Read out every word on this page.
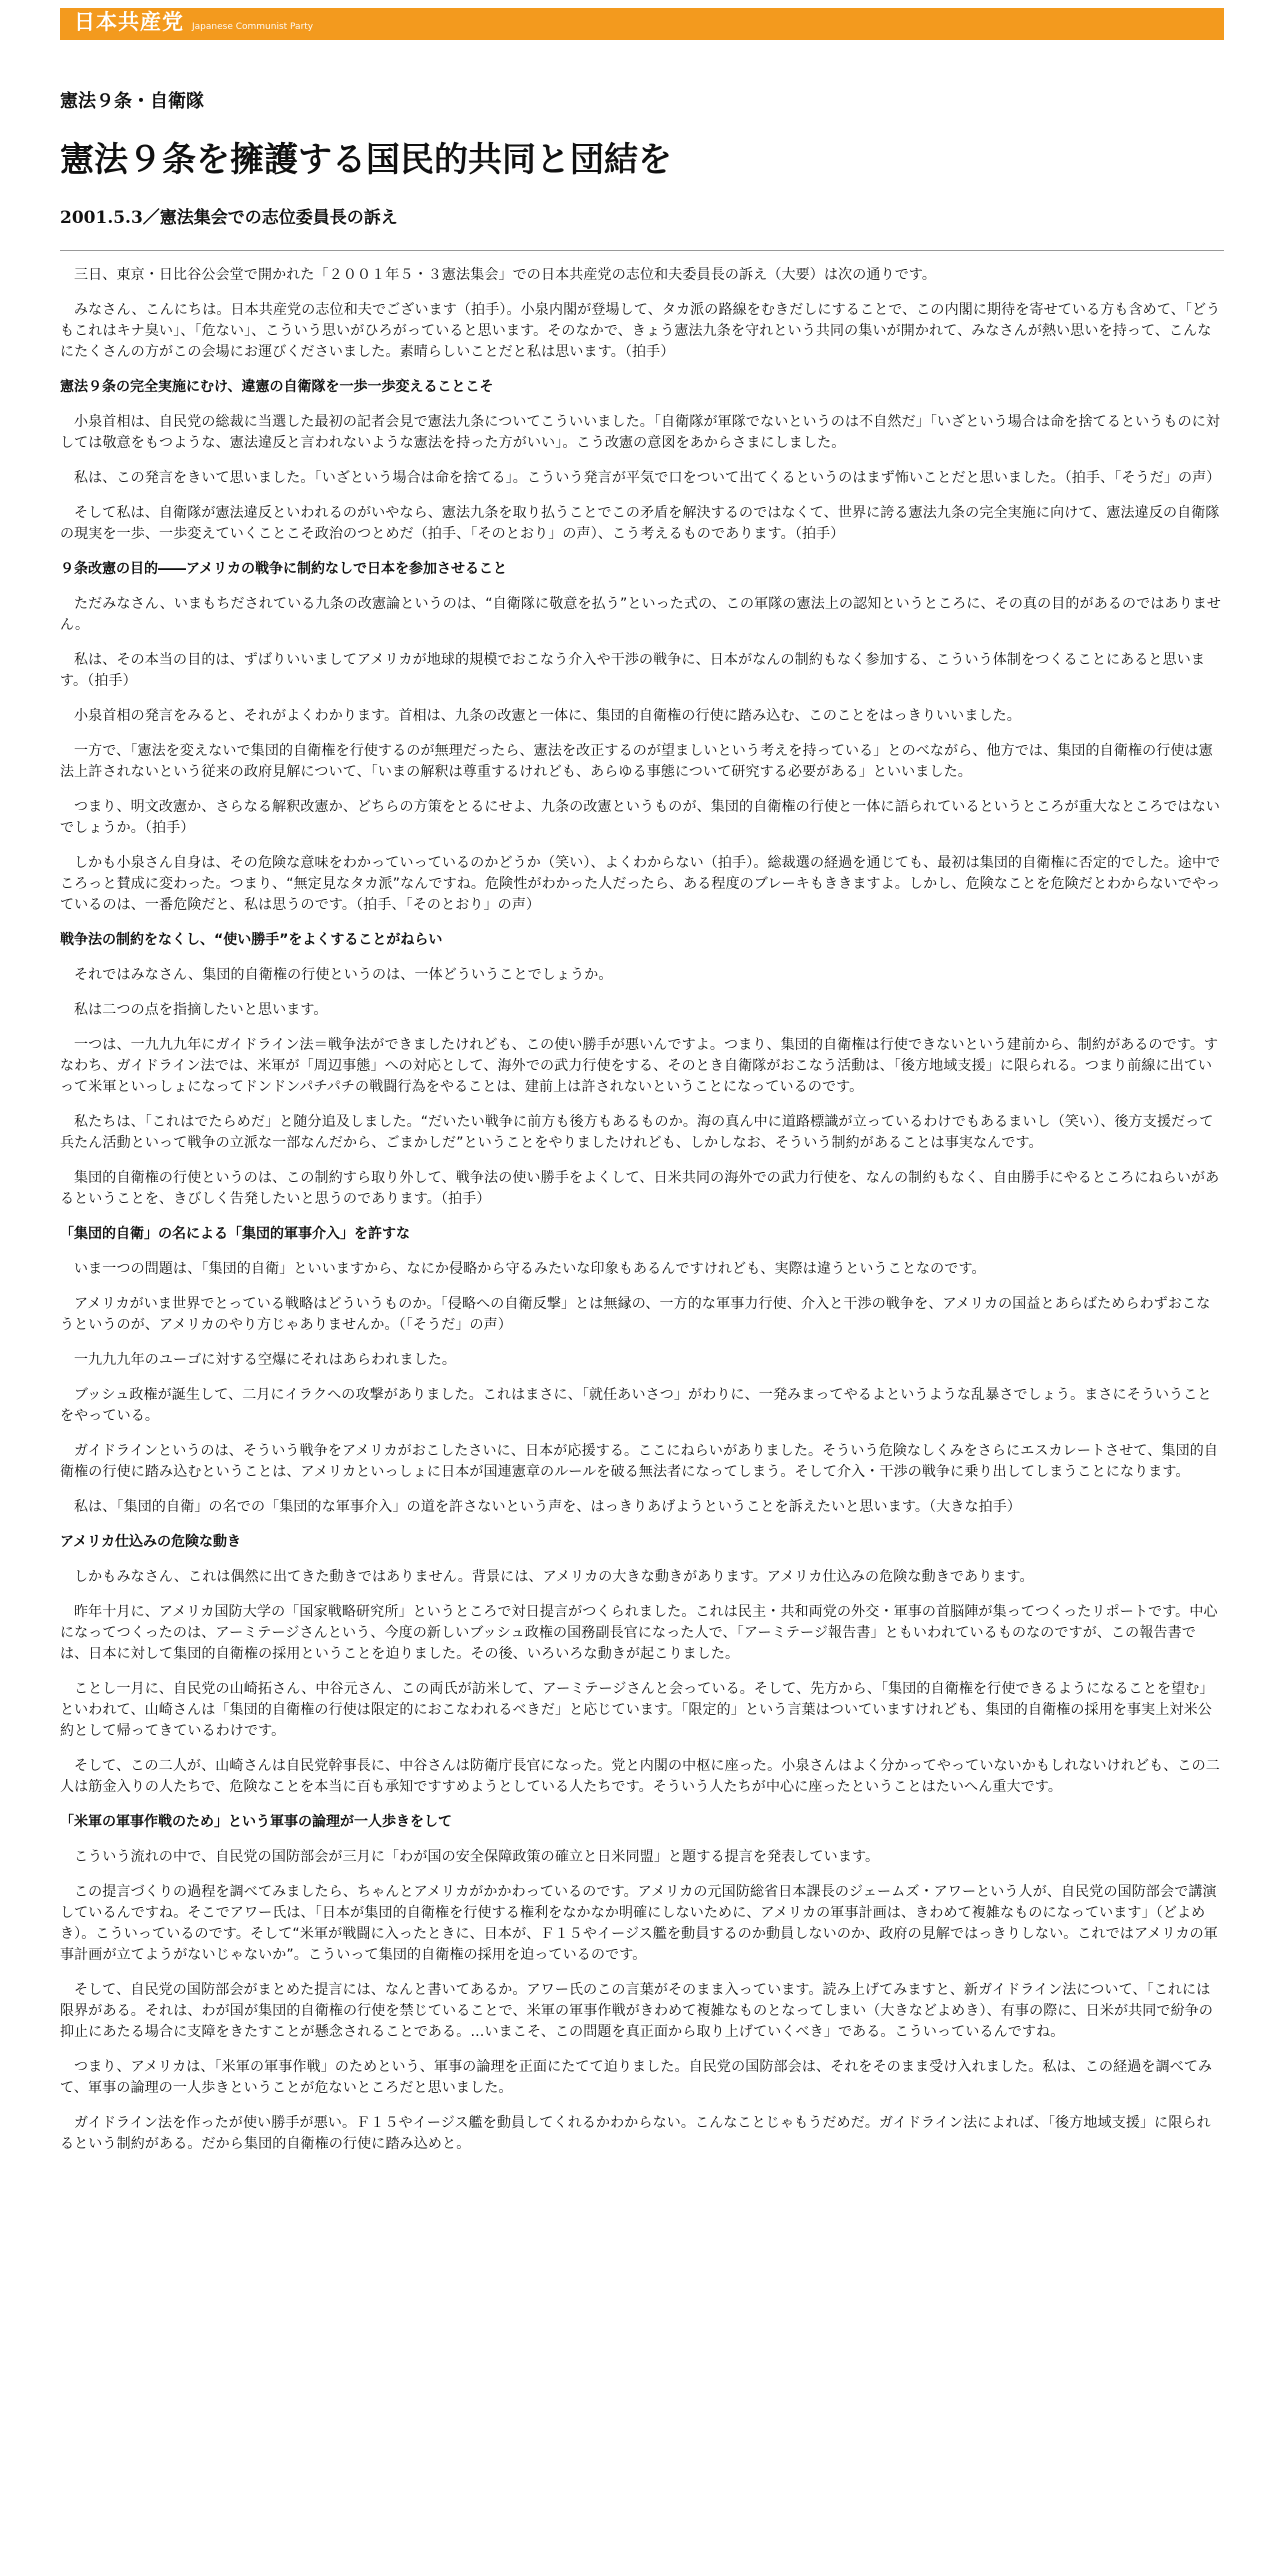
日本共産党 Japanese Communist Party
憲法９条・自衛隊
憲法９条を擁護する国民的共同と団結を
2001.5.3／憲法集会での志位委員長の訴え

三日、東京・日比谷公会堂で開かれた「２００１年５・３憲法集会」での日本共産党の志位和夫委員長の訴え（大要）は次の通りです。

みなさん、こんにちは。日本共産党の志位和夫でございます（拍手）。小泉内閣が登場して、タカ派の路線をむきだしにすることで、この内閣に期待を寄せている方も含めて、「どうもこれはキナ臭い」、「危ない」、こういう思いがひろがっていると思います。そのなかで、きょう憲法九条を守れという共同の集いが開かれて、みなさんが熱い思いを持って、こんなにたくさんの方がこの会場にお運びくださいました。素晴らしいことだと私は思います。（拍手）

憲法９条の完全実施にむけ、違憲の自衛隊を一歩一歩変えることこそ

小泉首相は、自民党の総裁に当選した最初の記者会見で憲法九条についてこういいました。「自衛隊が軍隊でないというのは不自然だ」「いざという場合は命を捨てるというものに対しては敬意をもつような、憲法違反と言われないような憲法を持った方がいい」。こう改憲の意図をあからさまにしました。

私は、この発言をきいて思いました。「いざという場合は命を捨てる」。こういう発言が平気で口をついて出てくるというのはまず怖いことだと思いました。（拍手、「そうだ」の声）

そして私は、自衛隊が憲法違反といわれるのがいやなら、憲法九条を取り払うことでこの矛盾を解決するのではなくて、世界に誇る憲法九条の完全実施に向けて、憲法違反の自衛隊の現実を一歩、一歩変えていくことこそ政治のつとめだ（拍手、「そのとおり」の声）、こう考えるものであります。（拍手）

９条改憲の目的――アメリカの戦争に制約なしで日本を参加させること

ただみなさん、いまもちだされている九条の改憲論というのは、“自衛隊に敬意を払う”といった式の、この軍隊の憲法上の認知というところに、その真の目的があるのではありません。

私は、その本当の目的は、ずばりいいましてアメリカが地球的規模でおこなう介入や干渉の戦争に、日本がなんの制約もなく参加する、こういう体制をつくることにあると思います。（拍手）

小泉首相の発言をみると、それがよくわかります。首相は、九条の改憲と一体に、集団的自衛権の行使に踏み込む、このことをはっきりいいました。

一方で、「憲法を変えないで集団的自衛権を行使するのが無理だったら、憲法を改正するのが望ましいという考えを持っている」とのべながら、他方では、集団的自衛権の行使は憲法上許されないという従来の政府見解について、「いまの解釈は尊重するけれども、あらゆる事態について研究する必要がある」といいました。

つまり、明文改憲か、さらなる解釈改憲か、どちらの方策をとるにせよ、九条の改憲というものが、集団的自衛権の行使と一体に語られているというところが重大なところではないでしょうか。（拍手）

しかも小泉さん自身は、その危険な意味をわかっていっているのかどうか（笑い）、よくわからない（拍手）。総裁選の経過を通じても、最初は集団的自衛権に否定的でした。途中でころっと賛成に変わった。つまり、“無定見なタカ派”なんですね。危険性がわかった人だったら、ある程度のブレーキもききますよ。しかし、危険なことを危険だとわからないでやっているのは、一番危険だと、私は思うのです。（拍手、「そのとおり」の声）

戦争法の制約をなくし、“使い勝手”をよくすることがねらい

それではみなさん、集団的自衛権の行使というのは、一体どういうことでしょうか。

私は二つの点を指摘したいと思います。

一つは、一九九九年にガイドライン法＝戦争法ができましたけれども、この使い勝手が悪いんですよ。つまり、集団的自衛権は行使できないという建前から、制約があるのです。すなわち、ガイドライン法では、米軍が「周辺事態」への対応として、海外での武力行使をする、そのとき自衛隊がおこなう活動は、「後方地域支援」に限られる。つまり前線に出ていって米軍といっしょになってドンドンパチパチの戦闘行為をやることは、建前上は許されないということになっているのです。

私たちは、「これはでたらめだ」と随分追及しました。“だいたい戦争に前方も後方もあるものか。海の真ん中に道路標識が立っているわけでもあるまいし（笑い）、後方支援だって兵たん活動といって戦争の立派な一部なんだから、ごまかしだ”ということをやりましたけれども、しかしなお、そういう制約があることは事実なんです。

集団的自衛権の行使というのは、この制約すら取り外して、戦争法の使い勝手をよくして、日米共同の海外での武力行使を、なんの制約もなく、自由勝手にやるところにねらいがあるということを、きびしく告発したいと思うのであります。（拍手）

「集団的自衛」の名による「集団的軍事介入」を許すな

いま一つの問題は、「集団的自衛」といいますから、なにか侵略から守るみたいな印象もあるんですけれども、実際は違うということなのです。

アメリカがいま世界でとっている戦略はどういうものか。「侵略への自衛反撃」とは無縁の、一方的な軍事力行使、介入と干渉の戦争を、アメリカの国益とあらばためらわずおこなうというのが、アメリカのやり方じゃありませんか。（「そうだ」の声）

一九九九年のユーゴに対する空爆にそれはあらわれました。

ブッシュ政権が誕生して、二月にイラクへの攻撃がありました。これはまさに、「就任あいさつ」がわりに、一発みまってやるよというような乱暴さでしょう。まさにそういうことをやっている。

ガイドラインというのは、そういう戦争をアメリカがおこしたさいに、日本が応援する。ここにねらいがありました。そういう危険なしくみをさらにエスカレートさせて、集団的自衛権の行使に踏み込むということは、アメリカといっしょに日本が国連憲章のルールを破る無法者になってしまう。そして介入・干渉の戦争に乗り出してしまうことになります。

私は、「集団的自衛」の名での「集団的な軍事介入」の道を許さないという声を、はっきりあげようということを訴えたいと思います。（大きな拍手）

アメリカ仕込みの危険な動き

しかもみなさん、これは偶然に出てきた動きではありません。背景には、アメリカの大きな動きがあります。アメリカ仕込みの危険な動きであります。

昨年十月に、アメリカ国防大学の「国家戦略研究所」というところで対日提言がつくられました。これは民主・共和両党の外交・軍事の首脳陣が集ってつくったリポートです。中心になってつくったのは、アーミテージさんという、今度の新しいブッシュ政権の国務副長官になった人で、「アーミテージ報告書」ともいわれているものなのですが、この報告書では、日本に対して集団的自衛権の採用ということを迫りました。その後、いろいろな動きが起こりました。

ことし一月に、自民党の山崎拓さん、中谷元さん、この両氏が訪米して、アーミテージさんと会っている。そして、先方から、「集団的自衛権を行使できるようになることを望む」といわれて、山崎さんは「集団的自衛権の行使は限定的におこなわれるべきだ」と応じています。「限定的」という言葉はついていますけれども、集団的自衛権の採用を事実上対米公約として帰ってきているわけです。

そして、この二人が、山崎さんは自民党幹事長に、中谷さんは防衛庁長官になった。党と内閣の中枢に座った。小泉さんはよく分かってやっていないかもしれないけれども、この二人は筋金入りの人たちで、危険なことを本当に百も承知ですすめようとしている人たちです。そういう人たちが中心に座ったということはたいへん重大です。

「米軍の軍事作戦のため」という軍事の論理が一人歩きをして

こういう流れの中で、自民党の国防部会が三月に「わが国の安全保障政策の確立と日米同盟」と題する提言を発表しています。

この提言づくりの過程を調べてみましたら、ちゃんとアメリカがかかわっているのです。アメリカの元国防総省日本課長のジェームズ・アワーという人が、自民党の国防部会で講演しているんですね。そこでアワー氏は、「日本が集団的自衛権を行使する権利をなかなか明確にしないために、アメリカの軍事計画は、きわめて複雑なものになっています」（どよめき）。こういっているのです。そして“米軍が戦闘に入ったときに、日本が、Ｆ１５やイージス艦を動員するのか動員しないのか、政府の見解ではっきりしない。これではアメリカの軍事計画が立てようがないじゃないか”。こういって集団的自衛権の採用を迫っているのです。

そして、自民党の国防部会がまとめた提言には、なんと書いてあるか。アワー氏のこの言葉がそのまま入っています。読み上げてみますと、新ガイドライン法について、「これには限界がある。それは、わが国が集団的自衛権の行使を禁じていることで、米軍の軍事作戦がきわめて複雑なものとなってしまい（大きなどよめき）、有事の際に、日米が共同で紛争の抑止にあたる場合に支障をきたすことが懸念されることである。…いまこそ、この問題を真正面から取り上げていくべき」である。こういっているんですね。

つまり、アメリカは、「米軍の軍事作戦」のためという、軍事の論理を正面にたてて迫りました。自民党の国防部会は、それをそのまま受け入れました。私は、この経過を調べてみて、軍事の論理の一人歩きということが危ないところだと思いました。

ガイドライン法を作ったが使い勝手が悪い。Ｆ１５やイージス艦を動員してくれるかわからない。こんなことじゃもうだめだ。ガイドライン法によれば、「後方地域支援」に限られるという制約がある。だから集団的自衛権の行使に踏み込めと。
